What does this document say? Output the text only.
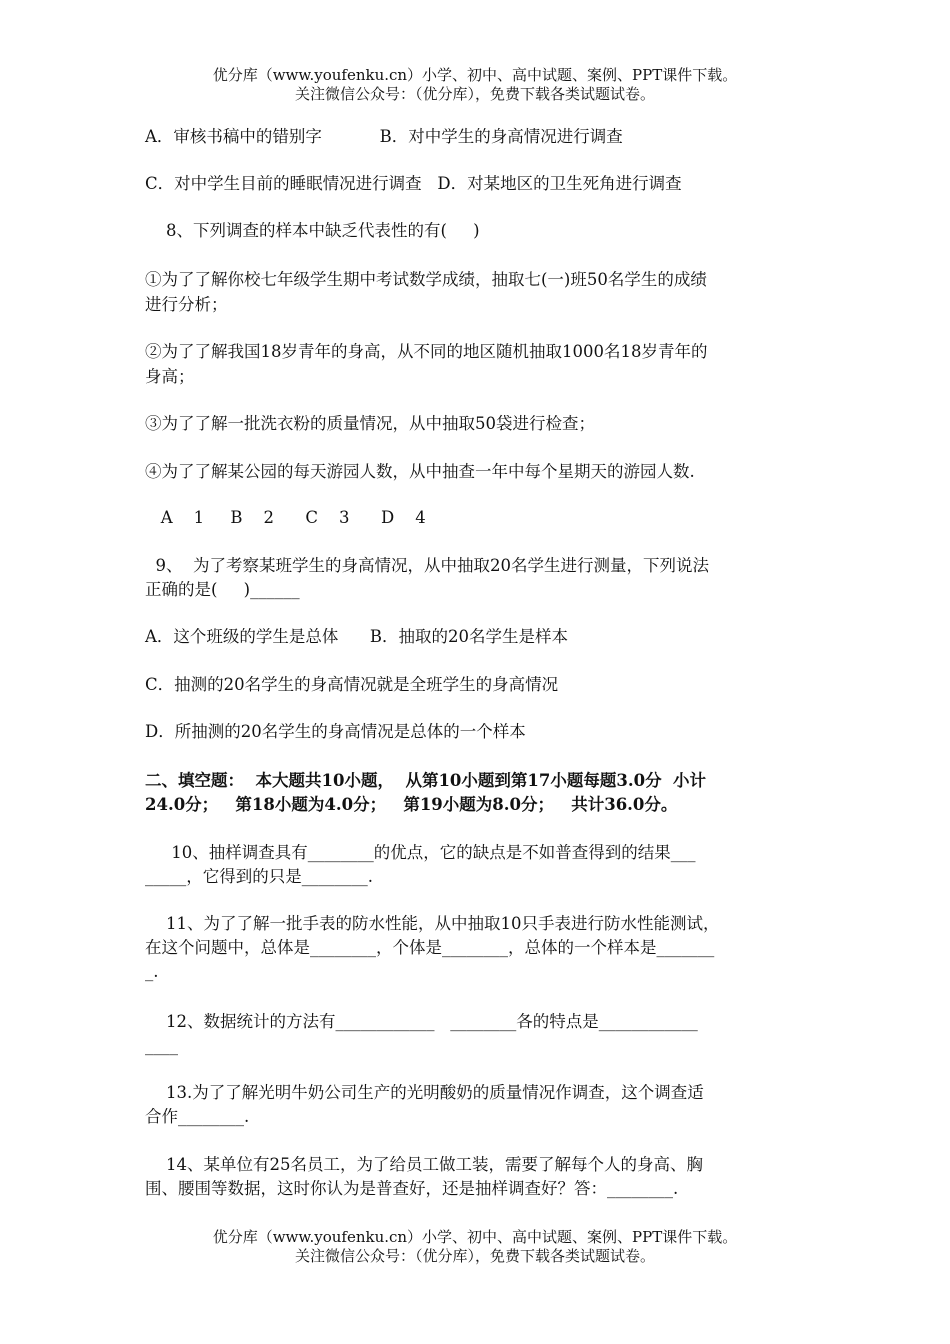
优分库（www.youfenku.cn）小学、初中、高中试题、案例、PPT课件下载。
关注微信公众号：（优分库），免费下载各类试题试卷。
A．审核书稿中的错别字           B．对中学生的身高情况进行调查
C．对中学生目前的睡眠情况进行调查   D．对某地区的卫生死角进行调查
8、下列调查的样本中缺乏代表性的有(     )
①为了了解你校七年级学生期中考试数学成绩，抽取七(一)班50名学生的成绩
进行分析；
②为了了解我国18岁青年的身高，从不同的地区随机抽取1000名18岁青年的
身高；
③为了了解一批洗衣粉的质量情况，从中抽取50袋进行检查；
④为了了解某公园的每天游园人数，从中抽查一年中每个星期天的游园人数.
A    1     B    2      C    3      D    4
9、  为了考察某班学生的身高情况，从中抽取20名学生进行测量，下列说法
正确的是(     )______
A．这个班级的学生是总体      B．抽取的20名学生是样本
C．抽测的20名学生的身高情况就是全班学生的身高情况
D．所抽测的20名学生的身高情况是总体的一个样本
二、填空题：  本大题共10小题，  从第10小题到第17小题每题3.0分  小计
24.0分；   第18小题为4.0分；   第19小题为8.0分；   共计36.0分。
10、抽样调查具有________的优点，它的缺点是不如普查得到的结果___
_____，它得到的只是________.
11、为了了解一批手表的防水性能，从中抽取10只手表进行防水性能测试，
在这个问题中，总体是________，个体是________，总体的一个样本是_______
_.
12、数据统计的方法有____________   ________各的特点是____________
____
13.为了了解光明牛奶公司生产的光明酸奶的质量情况作调查，这个调查适
合作________.
14、某单位有25名员工，为了给员工做工装，需要了解每个人的身高、胸
围、腰围等数据，这时你认为是普查好，还是抽样调查好？答：________.
优分库（www.youfenku.cn）小学、初中、高中试题、案例、PPT课件下载。
关注微信公众号：（优分库），免费下载各类试题试卷。
